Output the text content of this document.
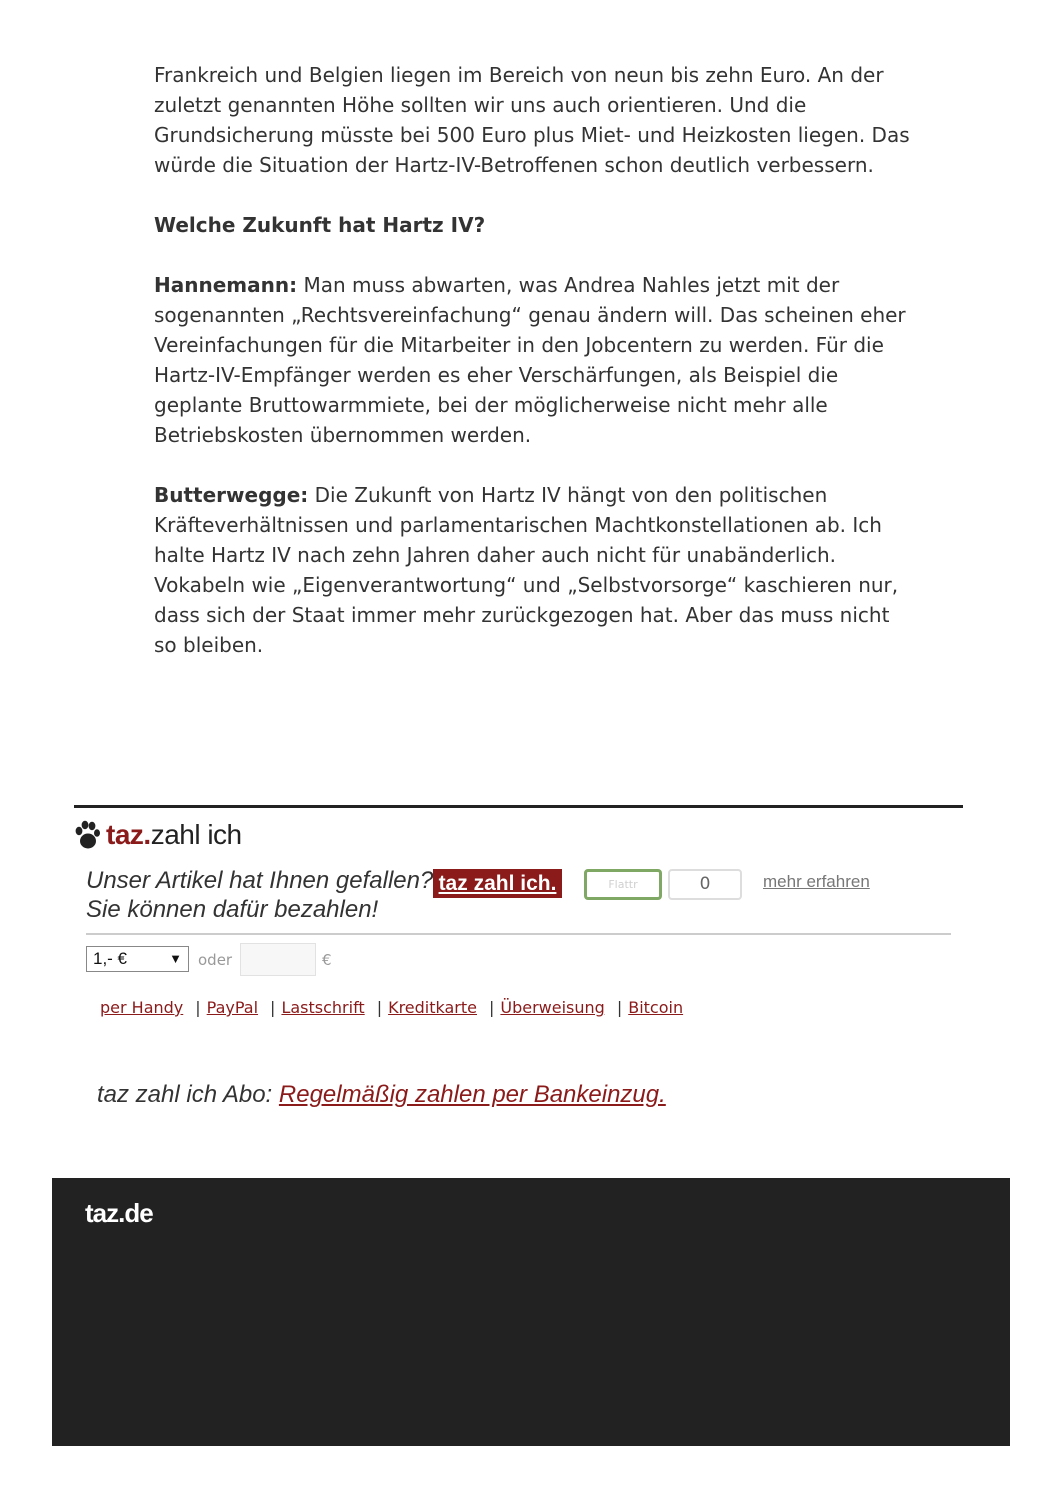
Frankreich und Belgien liegen im Bereich von neun bis zehn Euro. An der zuletzt genannten Höhe sollten wir uns auch orientieren. Und die Grundsicherung müsste bei 500 Euro plus Miet- und Heizkosten liegen. Das würde die Situation der Hartz-IV-Betroffenen schon deutlich verbessern.

Welche Zukunft hat Hartz IV?

Hannemann: Man muss abwarten, was Andrea Nahles jetzt mit der sogenannten „Rechtsvereinfachung“ genau ändern will. Das scheinen eher Vereinfachungen für die Mitarbeiter in den Jobcentern zu werden. Für die Hartz-IV-Empfänger werden es eher Verschärfungen, als Beispiel die geplante Bruttowarmmiete, bei der möglicherweise nicht mehr alle Betriebskosten übernommen werden.

Butterwegge: Die Zukunft von Hartz IV hängt von den politischen Kräfteverhältnissen und parlamentarischen Machtkonstellationen ab. Ich halte Hartz IV nach zehn Jahren daher auch nicht für unabänderlich. Vokabeln wie „Eigenverantwortung“ und „Selbstvorsorge“ kaschieren nur, dass sich der Staat immer mehr zurückgezogen hat. Aber das muss nicht so bleiben.

taz.zahl ich
Unser Artikel hat Ihnen gefallen?
Sie können dafür bezahlen!
taz zahl ich.	Flattr	0	mehr erfahren
1,- €	▼ oder	€
per Handy | PayPal | Lastschrift | Kreditkarte | Überweisung | Bitcoin
taz zahl ich Abo: Regelmäßig zahlen per Bankeinzug.
taz.de
